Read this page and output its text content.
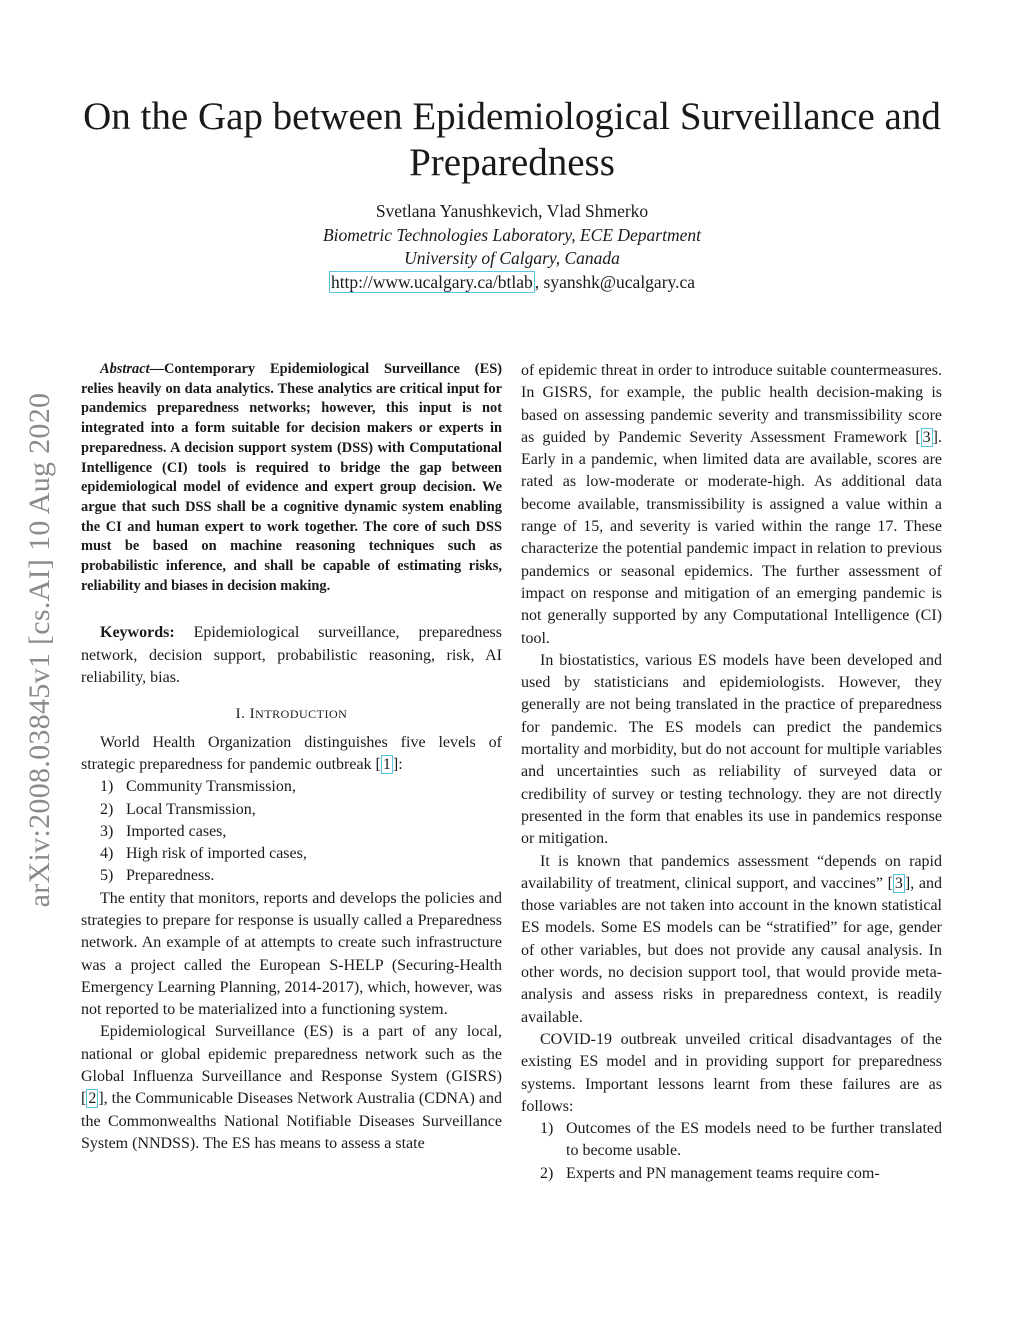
On the Gap between Epidemiological Surveillance and Preparedness
Svetlana Yanushkevich, Vlad Shmerko
Biometric Technologies Laboratory, ECE Department
University of Calgary, Canada
http://www.ucalgary.ca/btlab , syanshk@ucalgary.ca
arXiv:2008.03845v1 [cs.AI] 10 Aug 2020

Abstract—Contemporary Epidemiological Surveillance (ES) relies heavily on data analytics. These analytics are critical input for pandemics preparedness networks; however, this input is not integrated into a form suitable for decision makers or experts in preparedness. A decision support system (DSS) with Computational Intelligence (CI) tools is required to bridge the gap between epidemiological model of evidence and expert group decision. We argue that such DSS shall be a cognitive dynamic system enabling the CI and human expert to work together. The core of such DSS must be based on machine reasoning techniques such as probabilistic inference, and shall be capable of estimating risks, reliability and biases in decision making.

Keywords: Epidemiological surveillance, preparedness network, decision support, probabilistic reasoning, risk, AI reliability, bias.

I. INTRODUCTION

World Health Organization distinguishes five levels of strategic preparedness for pandemic outbreak [ 1 ]:

1) Community Transmission,
2) Local Transmission,
3) Imported cases,
4) High risk of imported cases,
5) Preparedness.

The entity that monitors, reports and develops the policies and strategies to prepare for response is usually called a Preparedness network. An example of at attempts to create such infrastructure was a project called the European S-HELP (Securing-Health Emergency Learning Planning, 2014-2017), which, however, was not reported to be materialized into a functioning system.

Epidemiological Surveillance (ES) is a part of any local, national or global epidemic preparedness network such as the Global Influenza Surveillance and Response System (GISRS) [ 2 ], the Communicable Diseases Network Australia (CDNA) and the Commonwealths National Notifiable Diseases Surveillance System (NNDSS). The ES has means to assess a state

of epidemic threat in order to introduce suitable countermeasures. In GISRS, for example, the public health decision-making is based on assessing pandemic severity and transmissibility score as guided by Pandemic Severity Assessment Framework [ 3 ]. Early in a pandemic, when limited data are available, scores are rated as low-moderate or moderate-high. As additional data become available, transmissibility is assigned a value within a range of 15, and severity is varied within the range 17. These characterize the potential pandemic impact in relation to previous pandemics or seasonal epidemics. The further assessment of impact on response and mitigation of an emerging pandemic is not generally supported by any Computational Intelligence (CI) tool.

In biostatistics, various ES models have been developed and used by statisticians and epidemiologists. However, they generally are not being translated in the practice of preparedness for pandemic. The ES models can predict the pandemics mortality and morbidity, but do not account for multiple variables and uncertainties such as reliability of surveyed data or credibility of survey or testing technology. they are not directly presented in the form that enables its use in pandemics response or mitigation.

It is known that pandemics assessment “depends on rapid availability of treatment, clinical support, and vaccines” [ 3 ], and those variables are not taken into account in the known statistical ES models. Some ES models can be “stratified” for age, gender of other variables, but does not provide any causal analysis. In other words, no decision support tool, that would provide meta-analysis and assess risks in preparedness context, is readily available.

COVID-19 outbreak unveiled critical disadvantages of the existing ES model and in providing support for preparedness systems. Important lessons learnt from these failures are as follows:

1) Outcomes of the ES models need to be further translated to become usable.
2) Experts and PN management teams require com-
